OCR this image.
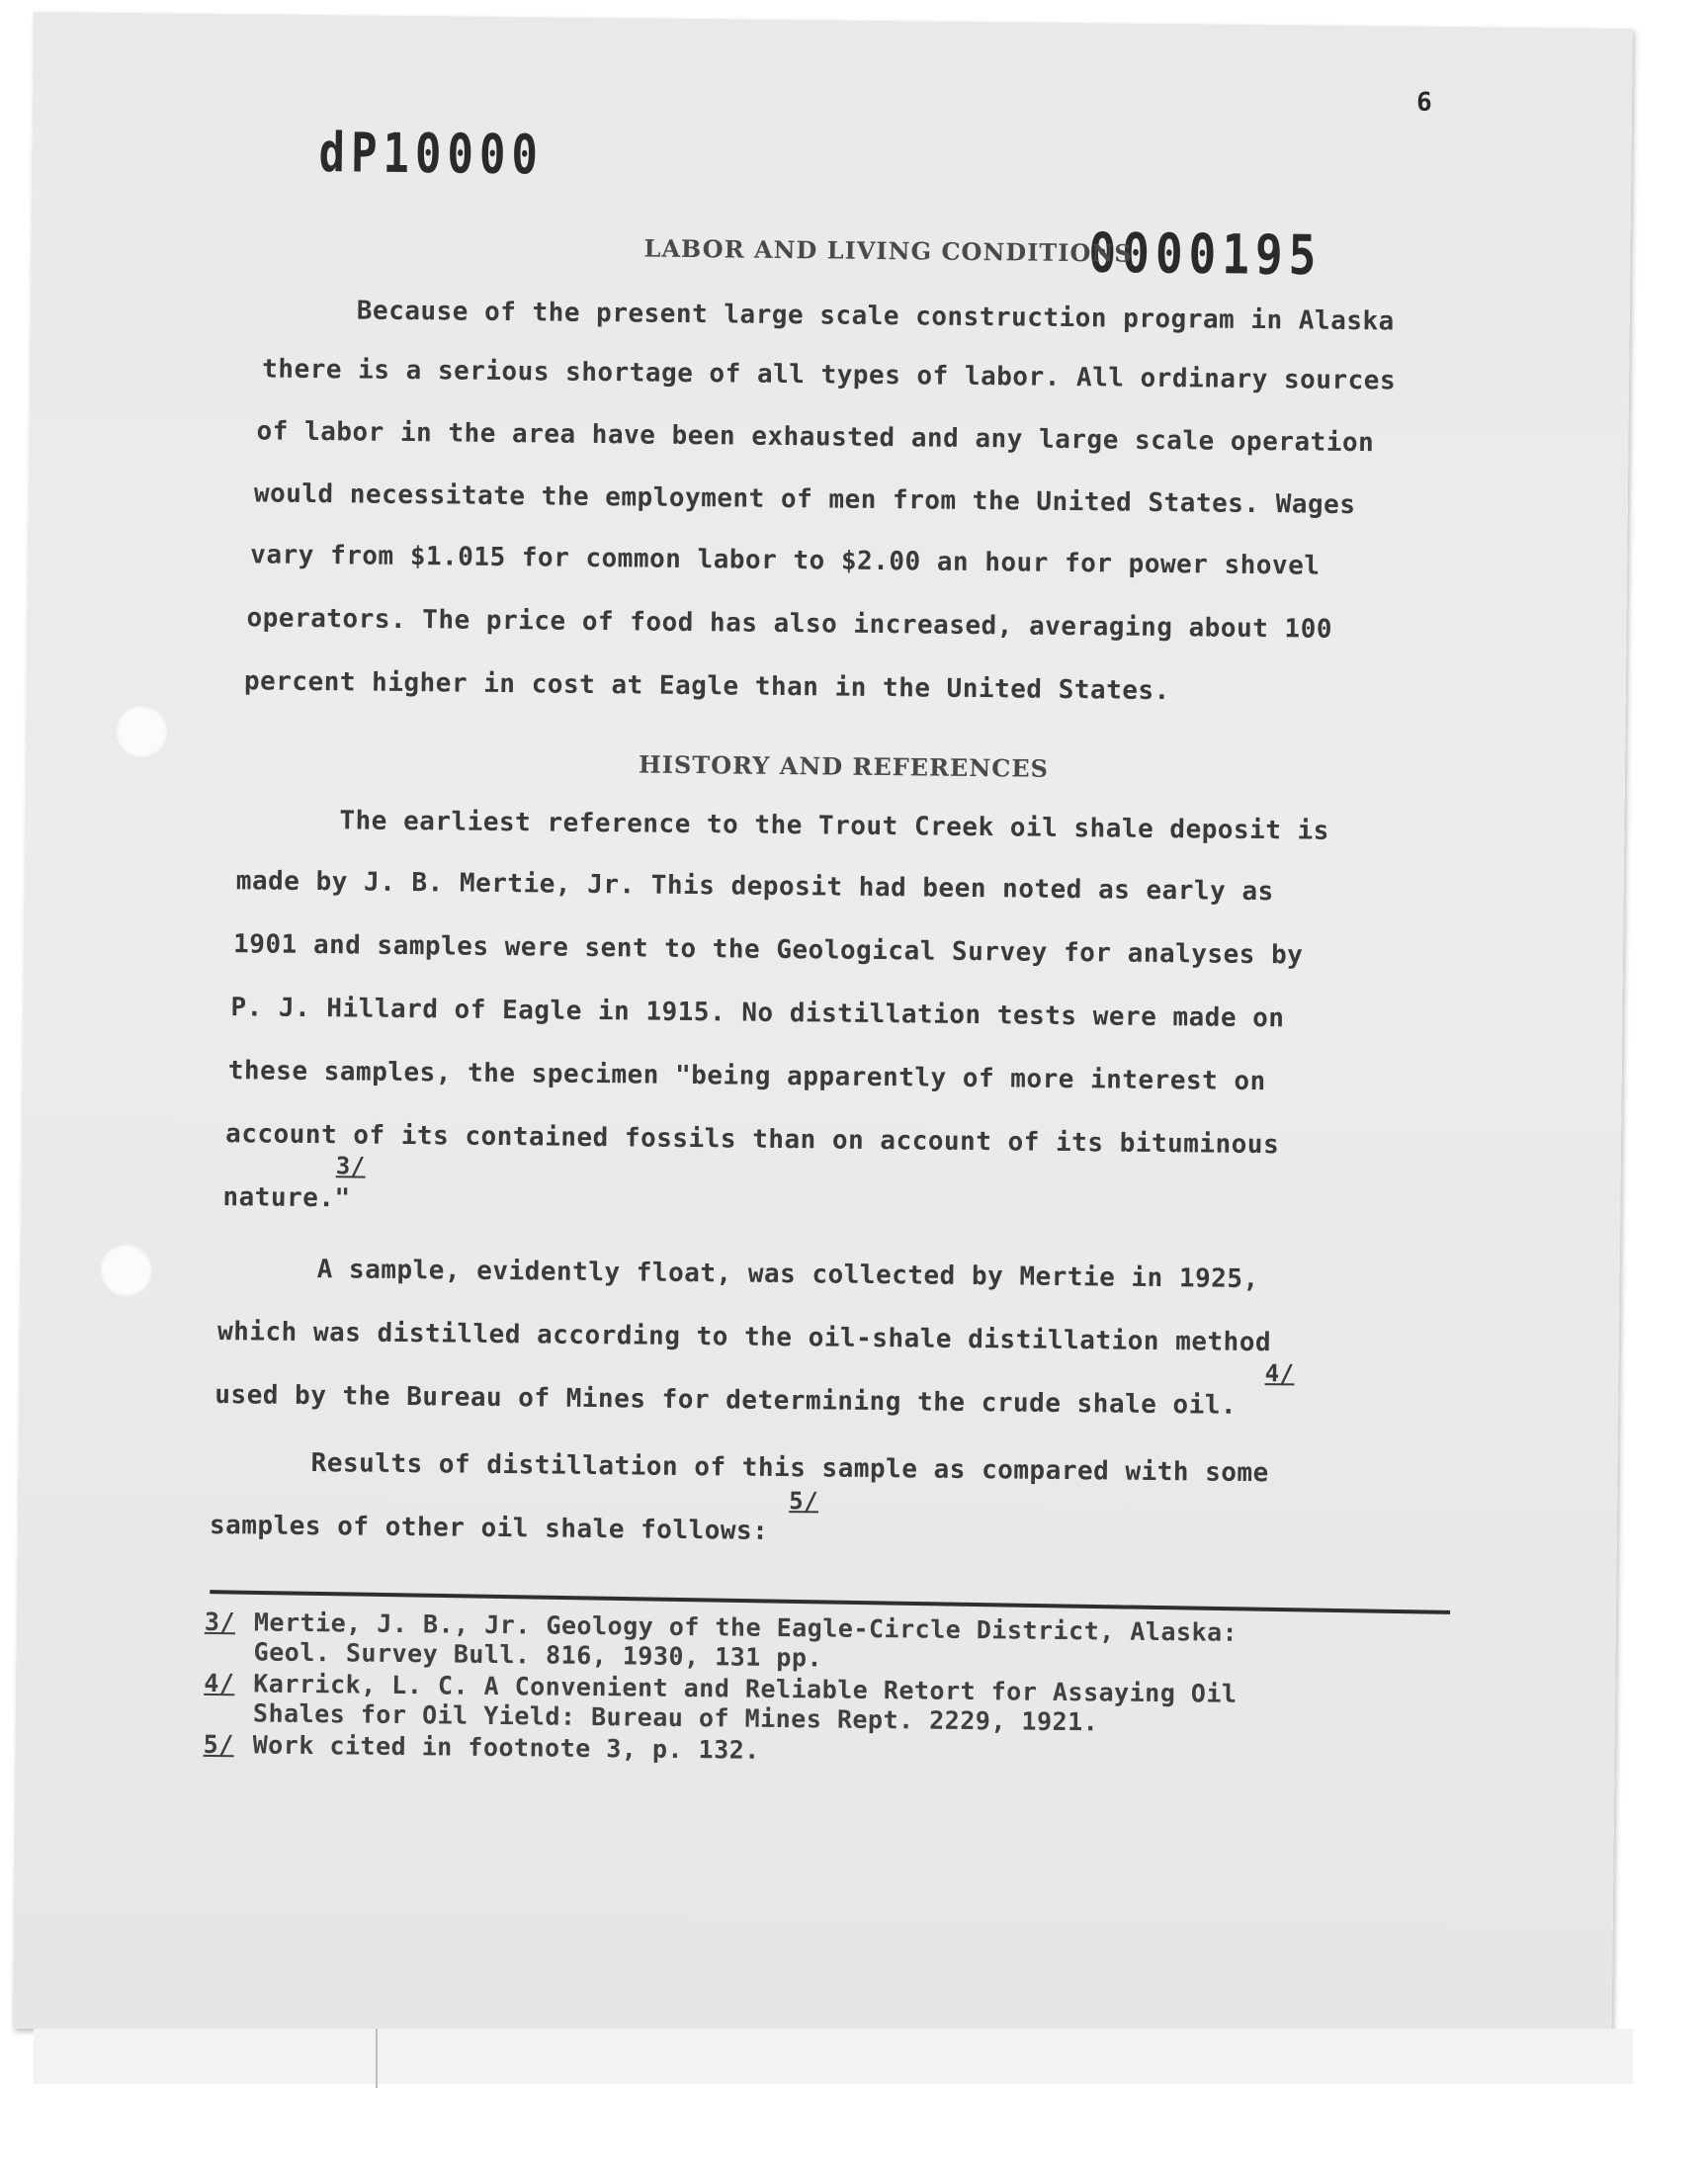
6
dP10000
0000195
LABOR AND LIVING CONDITIONS
Because of the present large scale construction program in Alaska
there is a serious shortage of all types of labor. All ordinary sources
of labor in the area have been exhausted and any large scale operation
would necessitate the employment of men from the United States. Wages
vary from $1.015 for common labor to $2.00 an hour for power shovel
operators. The price of food has also increased, averaging about 100
percent higher in cost at Eagle than in the United States.
HISTORY AND REFERENCES
The earliest reference to the Trout Creek oil shale deposit is
made by J. B. Mertie, Jr. This deposit had been noted as early as
1901 and samples were sent to the Geological Survey for analyses by
P. J. Hillard of Eagle in 1915. No distillation tests were made on
these samples, the specimen "being apparently of more interest on
account of its contained fossils than on account of its bituminous
3/
nature."
A sample, evidently float, was collected by Mertie in 1925,
which was distilled according to the oil-shale distillation method
4/
used by the Bureau of Mines for determining the crude shale oil.
Results of distillation of this sample as compared with some
5/
samples of other oil shale follows:
3/ Mertie, J. B., Jr. Geology of the Eagle-Circle District, Alaska:
Geol. Survey Bull. 816, 1930, 131 pp.
4/ Karrick, L. C. A Convenient and Reliable Retort for Assaying Oil
Shales for Oil Yield: Bureau of Mines Rept. 2229, 1921.
5/ Work cited in footnote 3, p. 132.
